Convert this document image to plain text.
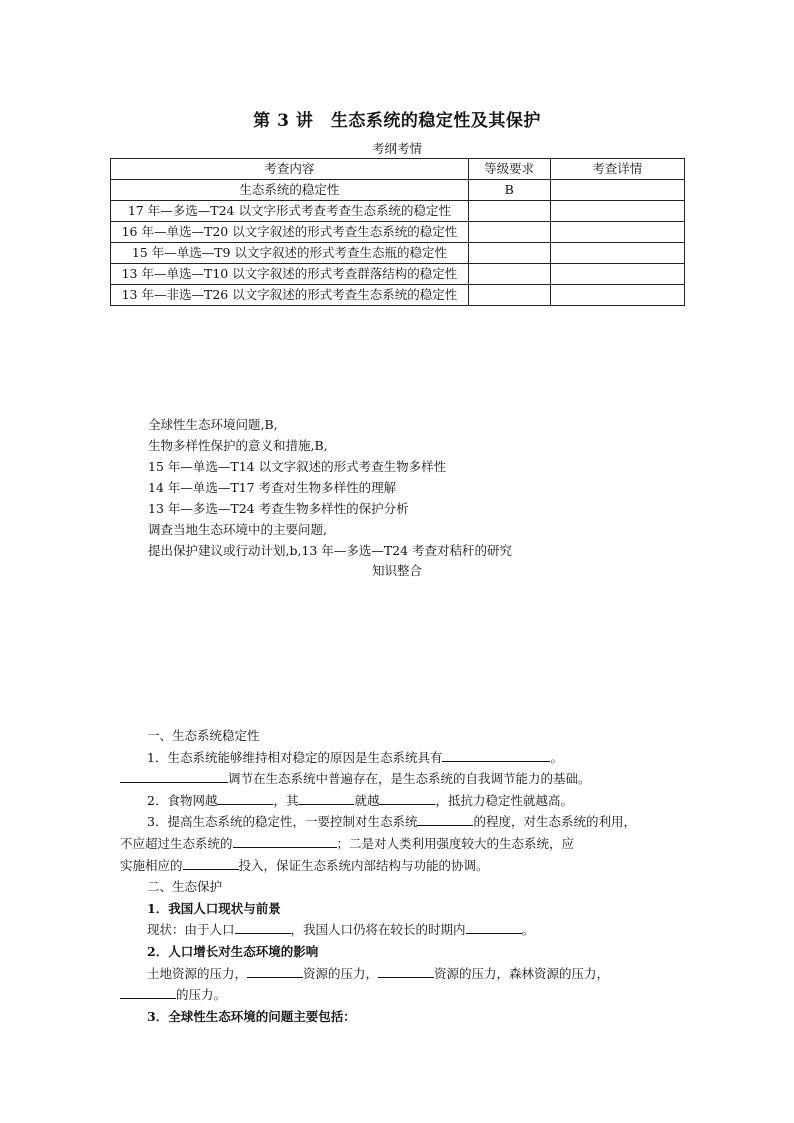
第 3 讲　生态系统的稳定性及其保护
考纲考情
考查内容	等级要求	考查详情
生态系统的稳定性	B	
17 年—多选—T24 以文字形式考查考查生态系统的稳定性		
16 年—单选—T20 以文字叙述的形式考查生态系统的稳定性		
15 年—单选—T9 以文字叙述的形式考查生态瓶的稳定性		
13 年—单选—T10 以文字叙述的形式考查群落结构的稳定性		
13 年—非选—T26 以文字叙述的形式考查生态系统的稳定性		
全球性生态环境问题,B,
生物多样性保护的意义和措施,B,
15 年—单选—T14 以文字叙述的形式考查生物多样性
14 年—单选—T17 考查对生物多样性的理解
13 年—多选—T24 考查生物多样性的保护分析
调查当地生态环境中的主要问题,
提出保护建议或行动计划,b,13 年—多选—T24 考查对秸秆的研究
知识整合

一、生态系统稳定性

1．生态系统能够维持相对稳定的原因是生态系统具有	。

调节在生态系统中普遍存在，是生态系统的自我调节能力的基础。

2．食物网越	，其	就越	，抵抗力稳定性就越高。

3．提高生态系统的稳定性，一要控制对生态系统	的程度，对生态系统的利用，

不应超过生态系统的	；二是对人类利用强度较大的生态系统，应

实施相应的	投入，保证生态系统内部结构与功能的协调。

二、生态保护

1．我国人口现状与前景

现状：由于人口	，我国人口仍将在较长的时期内	。

2．人口增长对生态环境的影响

土地资源的压力，	资源的压力，	资源的压力，森林资源的压力，

的压力。

3．全球性生态环境的问题主要包括：
